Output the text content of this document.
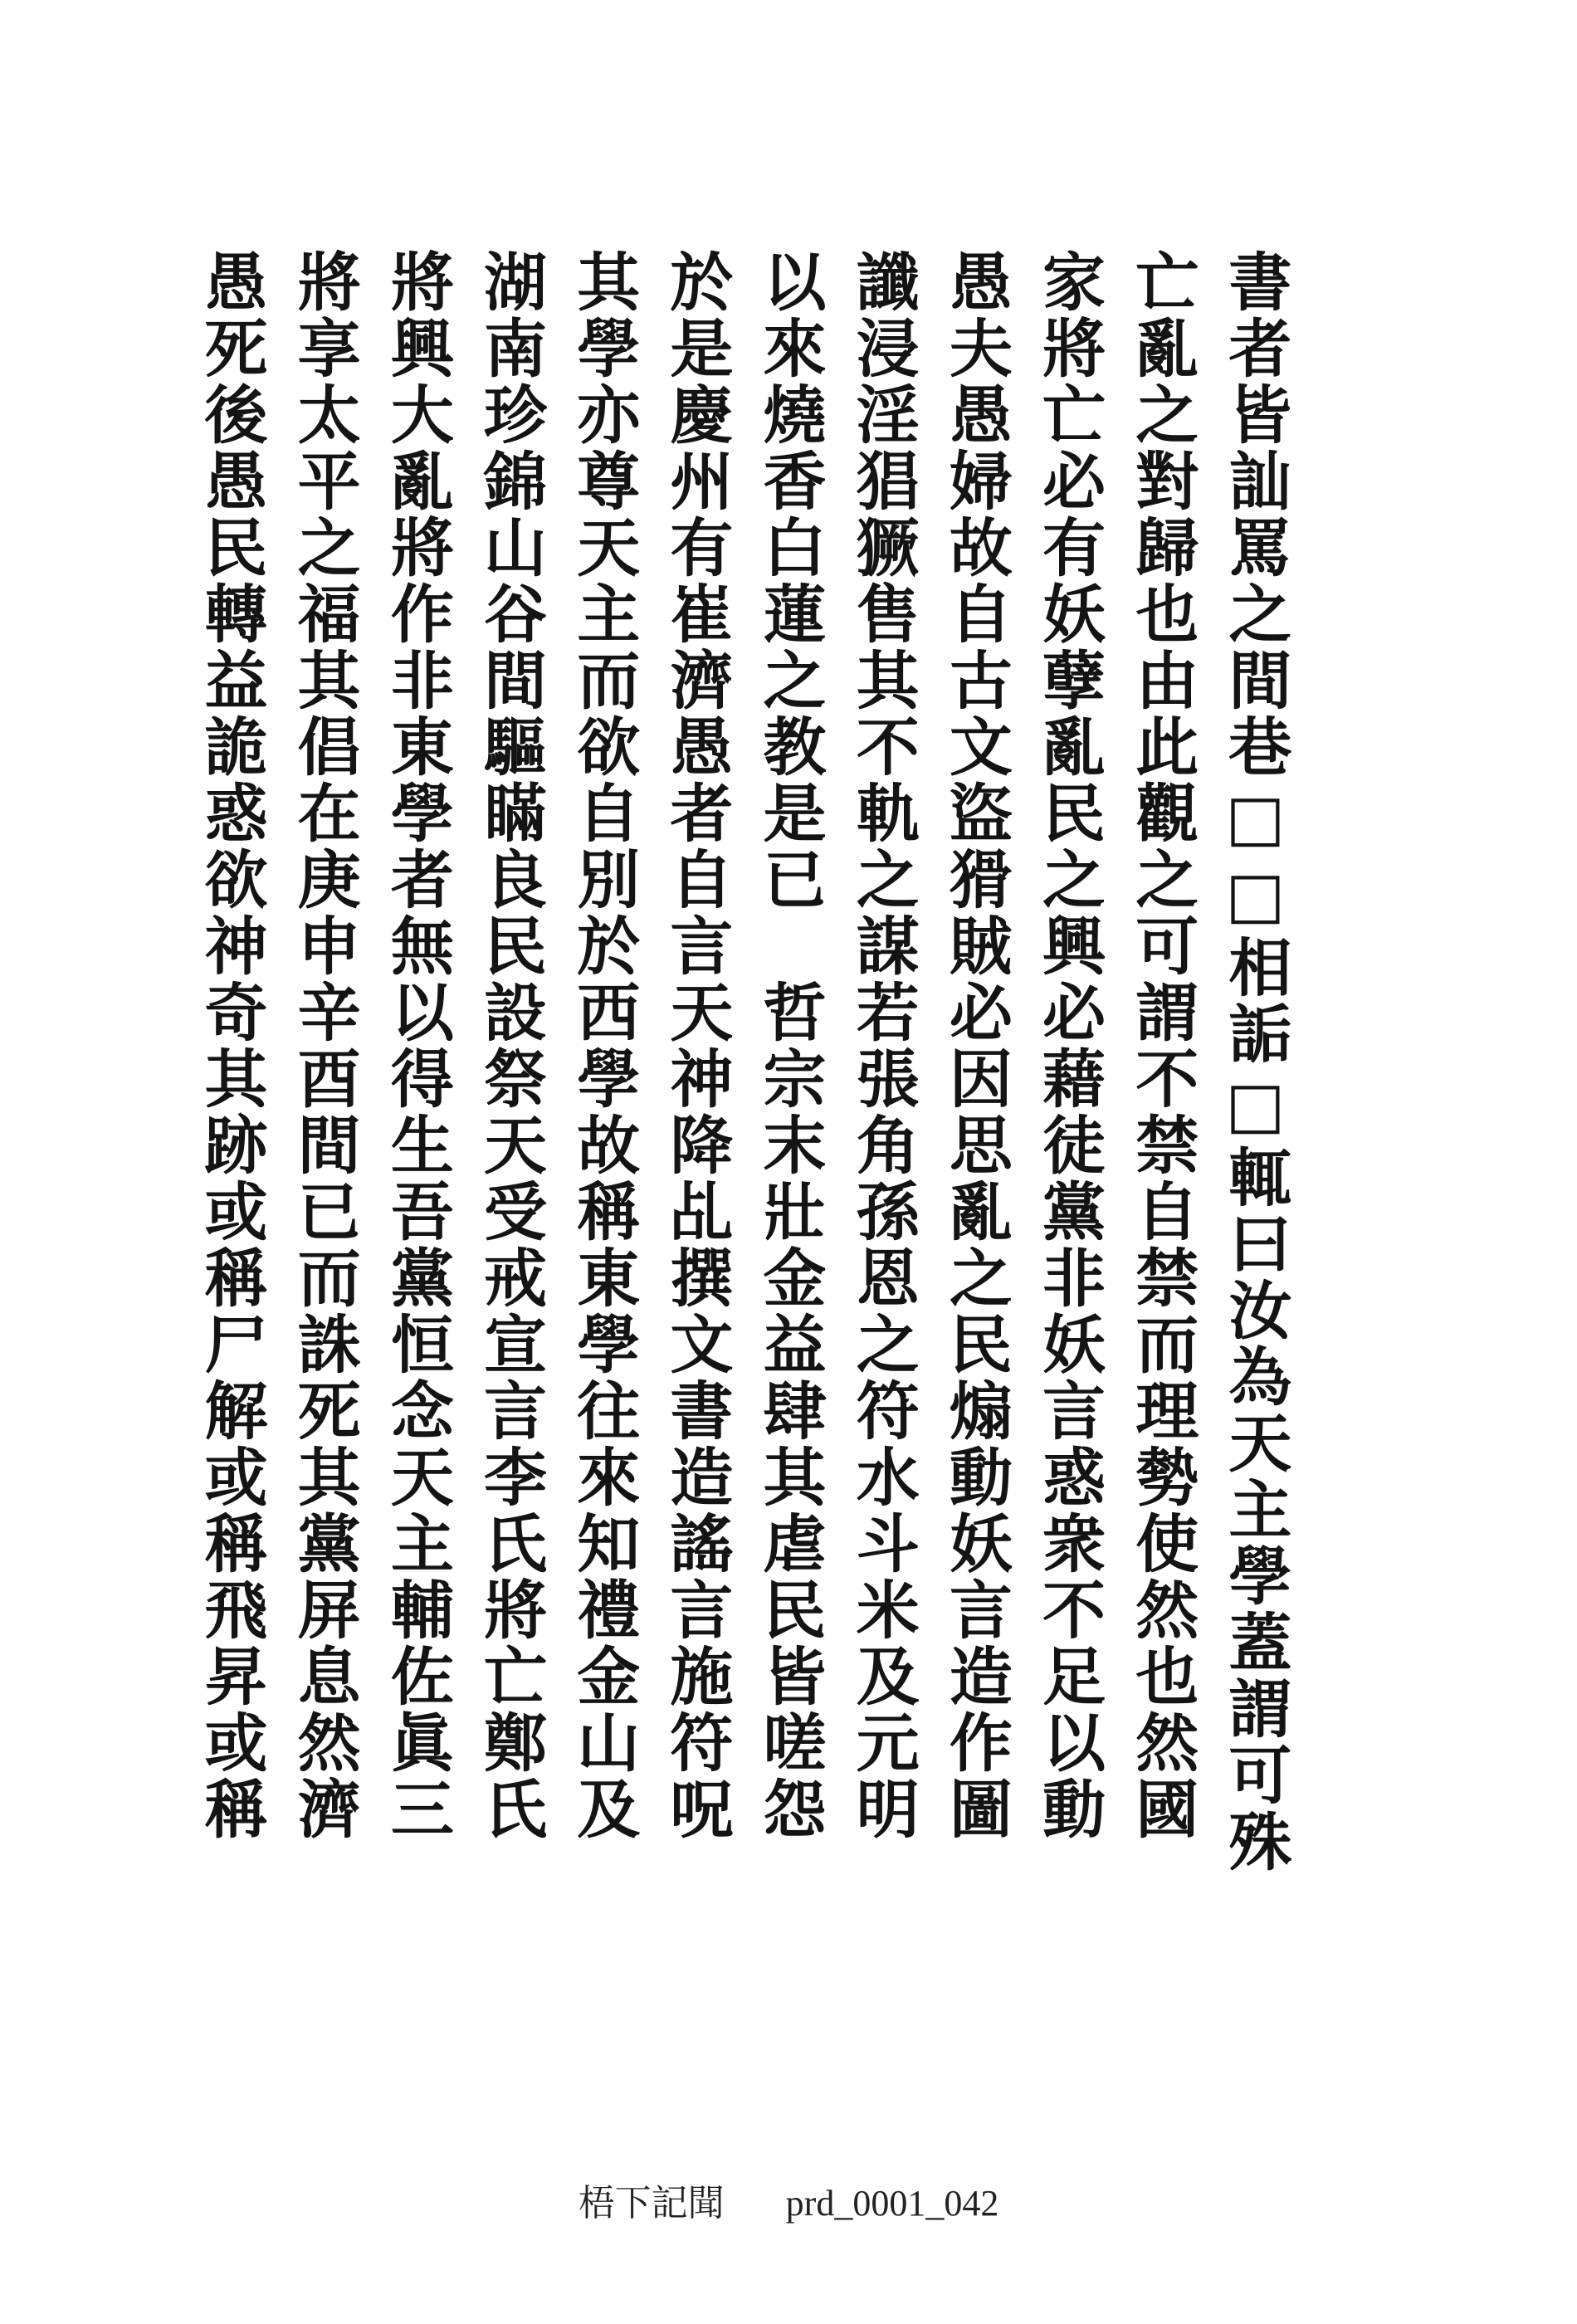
書者皆訕罵之間巷□□相詬□輒曰汝為天主學蓋謂可殊
亡亂之對歸也由此觀之可謂不禁自禁而理勢使然也然國
家將亡必有妖孽亂民之興必藉徒黨非妖言惑衆不足以動
愚夫愚婦故自古文盜猾賊必因思亂之民煽動妖言造作圖
讖浸淫猖獗售其不軌之謀若張角孫恩之符水斗米及元明
以來燒香白蓮之教是已　哲宗末壯金益肆其虐民皆嗟怨
於是慶州有崔濟愚者自言天神降乩撰文書造謠言施符呪
其學亦尊天主而欲自別於西學故稱東學往來知禮金山及
湖南珍錦山谷間驅瞞良民設祭天受戒宣言李氏將亡鄭氏
將興大亂將作非東學者無以得生吾黨恒念天主輔佐眞三
將享太平之福其倡在庚申辛酉間已而誅死其黨屏息然濟
愚死後愚民轉益詭惑欲神奇其跡或稱尸解或稱飛昇或稱
梧下記聞 prd_0001_042
